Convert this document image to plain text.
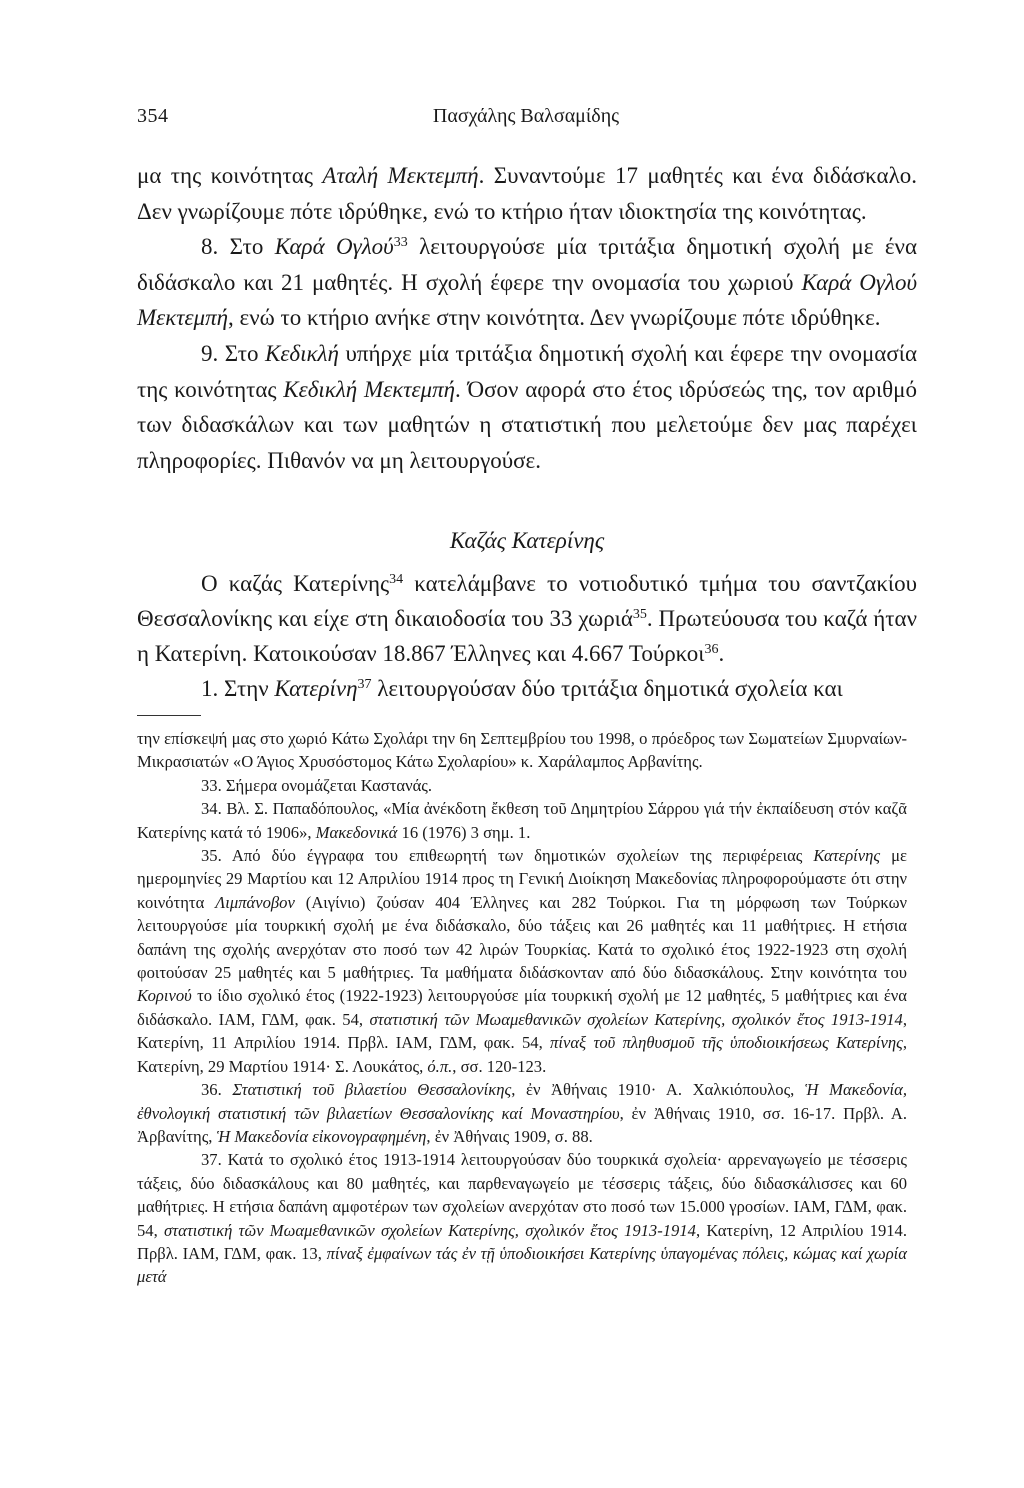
354	Πασχάλης Βαλσαμίδης

μα της κοινότητας Αταλή Μεκτεμπή. Συναντούμε 17 μαθητές και ένα διδάσκαλο. Δεν γνωρίζουμε πότε ιδρύθηκε, ενώ το κτήριο ήταν ιδιοκτησία της κοινότητας.

8. Στο Καρά Ογλού$^{33}$ λειτουργούσε μία τριτάξια δημοτική σχολή με ένα διδάσκαλο και 21 μαθητές. Η σχολή έφερε την ονομασία του χωριού Καρά Ογλού Μεκτεμπή, ενώ το κτήριο ανήκε στην κοινότητα. Δεν γνωρίζουμε πότε ιδρύθηκε.

9. Στο Κεδικλή υπήρχε μία τριτάξια δημοτική σχολή και έφερε την ονομασία της κοινότητας Κεδικλή Μεκτεμπή. Όσον αφορά στο έτος ιδρύσεώς της, τον αριθμό των διδασκάλων και των μαθητών η στατιστική που μελετούμε δεν μας παρέχει πληροφορίες. Πιθανόν να μη λειτουργούσε.

Καζάς Κατερίνης

Ο καζάς Κατερίνης$^{34}$ κατελάμβανε το νοτιοδυτικό τμήμα του σαντζακίου Θεσσαλονίκης και είχε στη δικαιοδοσία του 33 χωριά$^{35}$. Πρωτεύουσα του καζά ήταν η Κατερίνη. Κατοικούσαν 18.867 Έλληνες και 4.667 Τούρκοι$^{36}$.

1. Στην Κατερίνη$^{37}$ λειτουργούσαν δύο τριτάξια δημοτικά σχολεία και

την επίσκεψή μας στο χωριό Κάτω Σχολάρι την 6η Σεπτεμβρίου του 1998, ο πρόεδρος των Σωματείων Σμυρναίων-Μικρασιατών «Ο Άγιος Χρυσόστομος Κάτω Σχολαρίου» κ. Χαράλαμπος Αρβανίτης.

33. Σήμερα ονομάζεται Καστανάς.

34. Βλ. Σ. Παπαδόπουλος, «Μία ἀνέκδοτη ἔκθεση τοῦ Δημητρίου Σάρρου γιά τήν ἐκπαίδευση στόν καζᾶ Κατερίνης κατά τό 1906», Μακεδονικά 16 (1976) 3 σημ. 1.

35. Από δύο έγγραφα του επιθεωρητή των δημοτικών σχολείων της περιφέρειας Κατερίνης με ημερομηνίες 29 Μαρτίου και 12 Απριλίου 1914 προς τη Γενική Διοίκηση Μακεδονίας πληροφορούμαστε ότι στην κοινότητα Λιμπάνοβον (Αιγίνιο) ζούσαν 404 Έλληνες και 282 Τούρκοι. Για τη μόρφωση των Τούρκων λειτουργούσε μία τουρκική σχολή με ένα διδάσκαλο, δύο τάξεις και 26 μαθητές και 11 μαθήτριες. Η ετήσια δαπάνη της σχολής ανερχόταν στο ποσό των 42 λιρών Τουρκίας. Κατά το σχολικό έτος 1922-1923 στη σχολή φοιτούσαν 25 μαθητές και 5 μαθήτριες. Τα μαθήματα διδάσκονταν από δύο διδασκάλους. Στην κοινότητα του Κορινού το ίδιο σχολικό έτος (1922-1923) λειτουργούσε μία τουρκική σχολή με 12 μαθητές, 5 μαθήτριες και ένα διδάσκαλο. ΙΑΜ, ΓΔΜ, φακ. 54, στατιστική τῶν Μωαμεθανικῶν σχολείων Κατερίνης, σχολικόν ἔτος 1913-1914, Κατερίνη, 11 Απριλίου 1914. Πρβλ. ΙΑΜ, ΓΔΜ, φακ. 54, πίναξ τοῦ πληθυσμοῦ τῆς ὑποδιοικήσεως Κατερίνης, Κατερίνη, 29 Μαρτίου 1914· Σ. Λουκάτος, ό.π., σσ. 120-123.

36. Στατιστική τοῦ βιλαετίου Θεσσαλονίκης, ἐν Ἀθήναις 1910· Α. Χαλκιόπουλος, Ἡ Μακεδονία, ἐθνολογική στατιστική τῶν βιλαετίων Θεσσαλονίκης καί Μοναστηρίου, ἐν Ἀθήναις 1910, σσ. 16-17. Πρβλ. Α. Ἀρβανίτης, Ἡ Μακεδονία εἰκονογραφημένη, ἐν Ἀθήναις 1909, σ. 88.

37. Κατά το σχολικό έτος 1913-1914 λειτουργούσαν δύο τουρκικά σχολεία· αρρεναγωγείο με τέσσερις τάξεις, δύο διδασκάλους και 80 μαθητές, και παρθεναγωγείο με τέσσερις τάξεις, δύο διδασκάλισσες και 60 μαθήτριες. Η ετήσια δαπάνη αμφοτέρων των σχολείων ανερχόταν στο ποσό των 15.000 γροσίων. ΙΑΜ, ΓΔΜ, φακ. 54, στατιστική τῶν Μωαμεθανικῶν σχολείων Κατερίνης, σχολικόν ἔτος 1913-1914, Κατερίνη, 12 Απριλίου 1914. Πρβλ. ΙΑΜ, ΓΔΜ, φακ. 13, πίναξ ἐμφαίνων τάς ἐν τῇ ὑποδιοικήσει Κατερίνης ὑπαγομένας πόλεις, κώμας καί χωρία μετά
